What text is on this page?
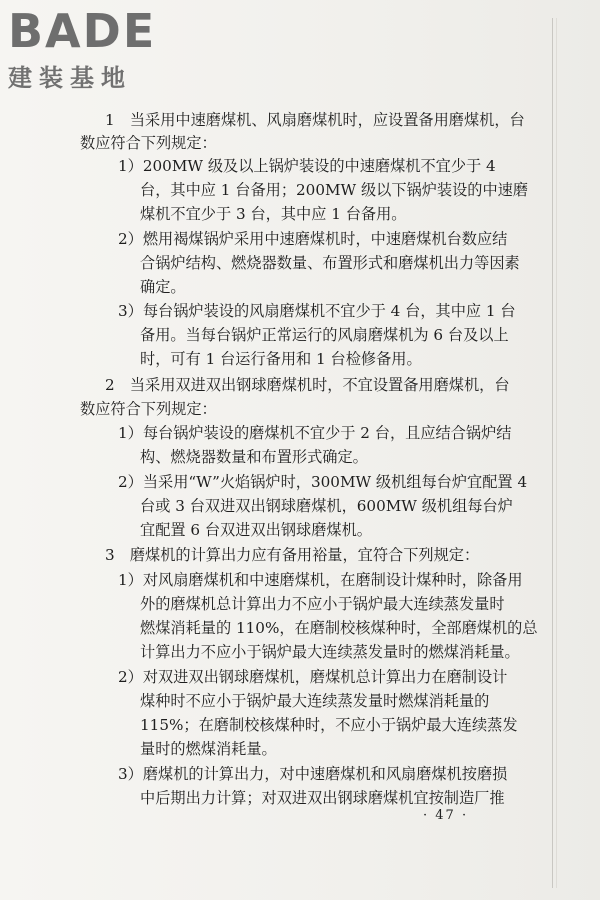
BADE
建装基地
1　当采用中速磨煤机、风扇磨煤机时，应设置备用磨煤机，台
数应符合下列规定：
1）200MW 级及以上锅炉装设的中速磨煤机不宜少于 4
台，其中应 1 台备用；200MW 级以下锅炉装设的中速磨
煤机不宜少于 3 台，其中应 1 台备用。
2）燃用褐煤锅炉采用中速磨煤机时，中速磨煤机台数应结
合锅炉结构、燃烧器数量、布置形式和磨煤机出力等因素
确定。
3）每台锅炉装设的风扇磨煤机不宜少于 4 台，其中应 1 台
备用。当每台锅炉正常运行的风扇磨煤机为 6 台及以上
时，可有 1 台运行备用和 1 台检修备用。
2　当采用双进双出钢球磨煤机时，不宜设置备用磨煤机，台
数应符合下列规定：
1）每台锅炉装设的磨煤机不宜少于 2 台，且应结合锅炉结
构、燃烧器数量和布置形式确定。
2）当采用“W”火焰锅炉时，300MW 级机组每台炉宜配置 4
台或 3 台双进双出钢球磨煤机，600MW 级机组每台炉
宜配置 6 台双进双出钢球磨煤机。
3　磨煤机的计算出力应有备用裕量，宜符合下列规定：
1）对风扇磨煤机和中速磨煤机，在磨制设计煤种时，除备用
外的磨煤机总计算出力不应小于锅炉最大连续蒸发量时
燃煤消耗量的 110%，在磨制校核煤种时，全部磨煤机的总
计算出力不应小于锅炉最大连续蒸发量时的燃煤消耗量。
2）对双进双出钢球磨煤机，磨煤机总计算出力在磨制设计
煤种时不应小于锅炉最大连续蒸发量时燃煤消耗量的
115%；在磨制校核煤种时，不应小于锅炉最大连续蒸发
量时的燃煤消耗量。
3）磨煤机的计算出力，对中速磨煤机和风扇磨煤机按磨损
中后期出力计算；对双进双出钢球磨煤机宜按制造厂推
· 47 ·
